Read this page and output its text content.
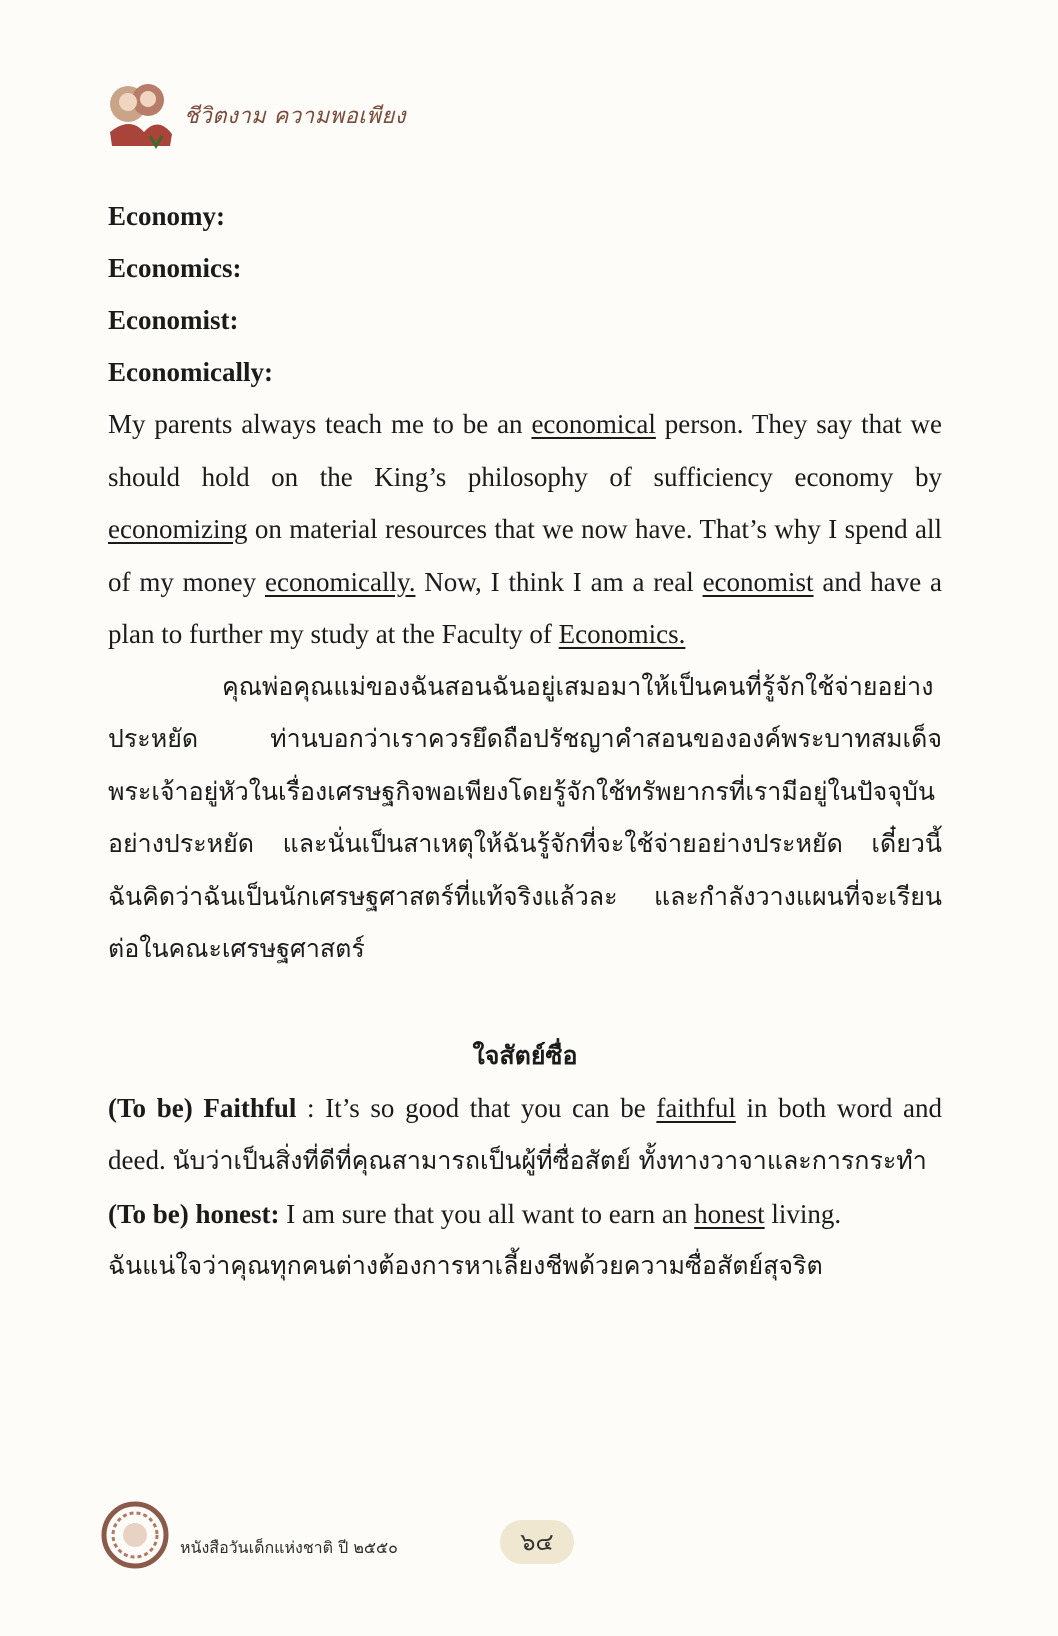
ชีวิตงาม ความพอเพียง
Economy:
Economics:
Economist:
Economically:

My parents always teach me to be an economical person. They say that we should hold on the King’s philosophy of sufficiency economy by economizing on material resources that we now have. That’s why I spend all of my money economically. Now, I think I am a real economist and have a plan to further my study at the Faculty of Economics.

คุณพ่อคุณแม่ของฉันสอนฉันอยู่เสมอมาให้เป็นคนที่รู้จักใช้จ่ายอย่างประหยัด ท่านบอกว่าเราควรยึดถือปรัชญาคำสอนขององค์พระบาทสมเด็จพระเจ้าอยู่หัวในเรื่องเศรษฐกิจพอเพียงโดยรู้จักใช้ทรัพยากรที่เรามีอยู่ในปัจจุบันอย่างประหยัด และนั่นเป็นสาเหตุให้ฉันรู้จักที่จะใช้จ่ายอย่างประหยัด เดี๋ยวนี้ ฉันคิดว่าฉันเป็นนักเศรษฐศาสตร์ที่แท้จริงแล้วละ และกำลังวางแผนที่จะเรียนต่อในคณะเศรษฐศาสตร์

ใจสัตย์ซื่อ

(To be) Faithful : It’s so good that you can be faithful in both word and deed. นับว่าเป็นสิ่งที่ดีที่คุณสามารถเป็นผู้ที่ซื่อสัตย์ ทั้งทางวาจาและการกระทำ

(To be) honest: I am sure that you all want to earn an honest living.

ฉันแน่ใจว่าคุณทุกคนต่างต้องการหาเลี้ยงชีพด้วยความซื่อสัตย์สุจริต

หนังสือวันเด็กแห่งชาติ ปี ๒๕๕๐	๖๔
